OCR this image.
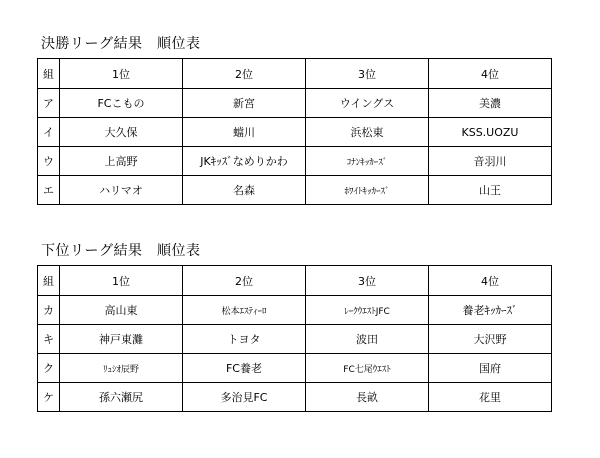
決勝リーグ結果　順位表
組	1位	2位	3位	4位
ア	FCこもの	新宮	ウイングス	美濃
イ	大久保	蟷川	浜松東	KSS.UOZU
ウ	上高野	JKｷｯｽﾞなめりかわ	ｺﾅﾝｷｯｶｰｽﾞ	音羽川
エ	ハリマオ	名森	ﾎﾜｲﾄｷｯｶｰｽﾞ	山王
下位リーグ結果　順位表
組	1位	2位	3位	4位
カ	高山東	松本ｴｽﾃｨｰﾛ	ﾚｰｸｳｴｽﾄJFC	養老ｷｯｶｰｽﾞ
キ	神戸東灘	トヨタ	波田	大沢野
ク	ﾘｭｼｵ辰野	FC養老	FC七尾ｳｴｽﾄ	国府
ケ	孫六瀬尻	多治見FC	長畝	花里
